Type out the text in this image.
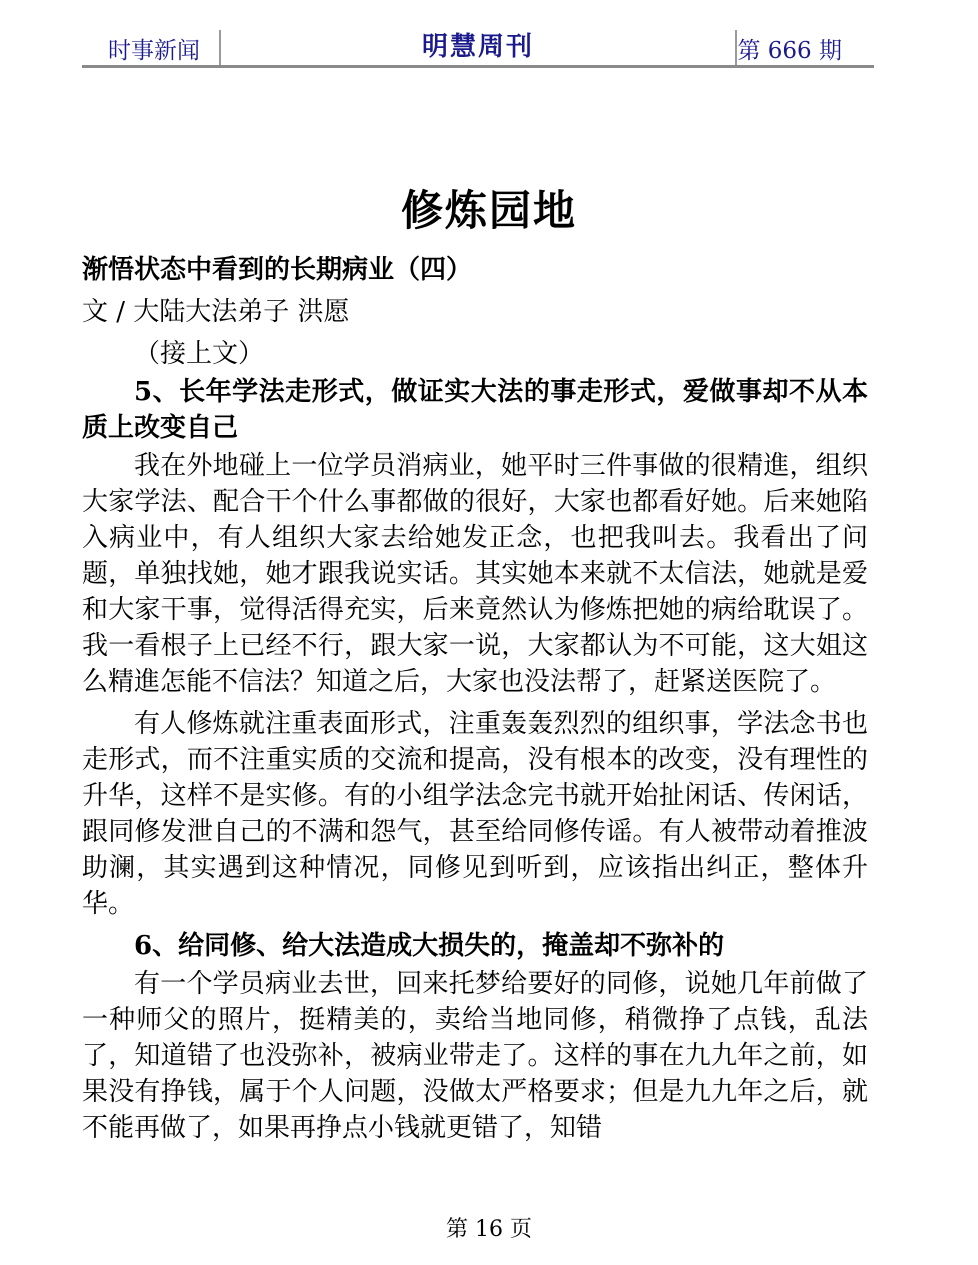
时事新闻	明慧周刊	第 666 期
修炼园地

渐悟状态中看到的长期病业（四）

文 / 大陆大法弟子 洪愿

（接上文）

5、长年学法走形式，做证实大法的事走形式，爱做事却不从本质上改变自己

我在外地碰上一位学员消病业，她平时三件事做的很精進，组织大家学法、配合干个什么事都做的很好，大家也都看好她。后来她陷入病业中，有人组织大家去给她发正念，也把我叫去。我看出了问题，单独找她，她才跟我说实话。其实她本来就不太信法，她就是爱和大家干事，觉得活得充实，后来竟然认为修炼把她的病给耽误了。我一看根子上已经不行，跟大家一说，大家都认为不可能，这大姐这么精進怎能不信法？知道之后，大家也没法帮了，赶紧送医院了。

有人修炼就注重表面形式，注重轰轰烈烈的组织事，学法念书也走形式，而不注重实质的交流和提高，没有根本的改变，没有理性的升华，这样不是实修。有的小组学法念完书就开始扯闲话、传闲话，跟同修发泄自己的不满和怨气，甚至给同修传谣。有人被带动着推波助澜，其实遇到这种情况，同修见到听到，应该指出纠正，整体升华。

6、给同修、给大法造成大损失的，掩盖却不弥补的

有一个学员病业去世，回来托梦给要好的同修，说她几年前做了一种师父的照片，挺精美的，卖给当地同修，稍微挣了点钱，乱法了，知道错了也没弥补，被病业带走了。这样的事在九九年之前，如果没有挣钱，属于个人问题，没做太严格要求；但是九九年之后，就不能再做了，如果再挣点小钱就更错了，知错

第 16 页
